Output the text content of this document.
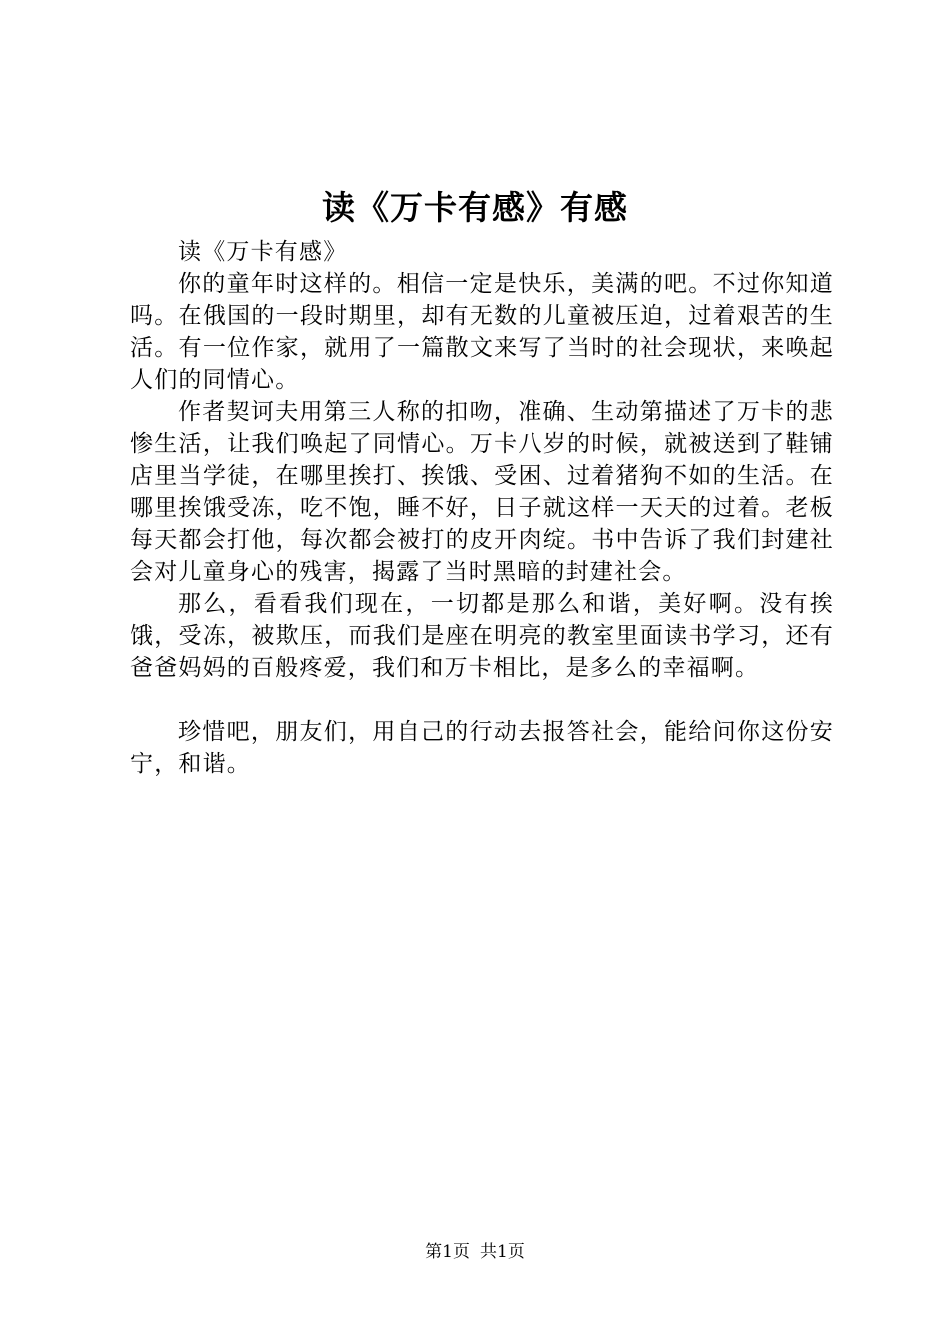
读《万卡有感》有感

读《万卡有感》

你的童年时这样的。相信一定是快乐，美满的吧。不过你知道吗。在俄国的一段时期里，却有无数的儿童被压迫，过着艰苦的生活。有一位作家，就用了一篇散文来写了当时的社会现状，来唤起人们的同情心。

作者契诃夫用第三人称的扣吻，准确、生动第描述了万卡的悲惨生活，让我们唤起了同情心。万卡八岁的时候，就被送到了鞋铺店里当学徒，在哪里挨打、挨饿、受困、过着猪狗不如的生活。在哪里挨饿受冻，吃不饱，睡不好，日子就这样一天天的过着。老板每天都会打他，每次都会被打的皮开肉绽。书中告诉了我们封建社会对儿童身心的残害，揭露了当时黑暗的封建社会。

那么，看看我们现在，一切都是那么和谐，美好啊。没有挨饿，受冻，被欺压，而我们是座在明亮的教室里面读书学习，还有爸爸妈妈的百般疼爱，我们和万卡相比，是多么的幸福啊。

珍惜吧，朋友们，用自己的行动去报答社会，能给问你这份安宁，和谐。

第1页 共1页
